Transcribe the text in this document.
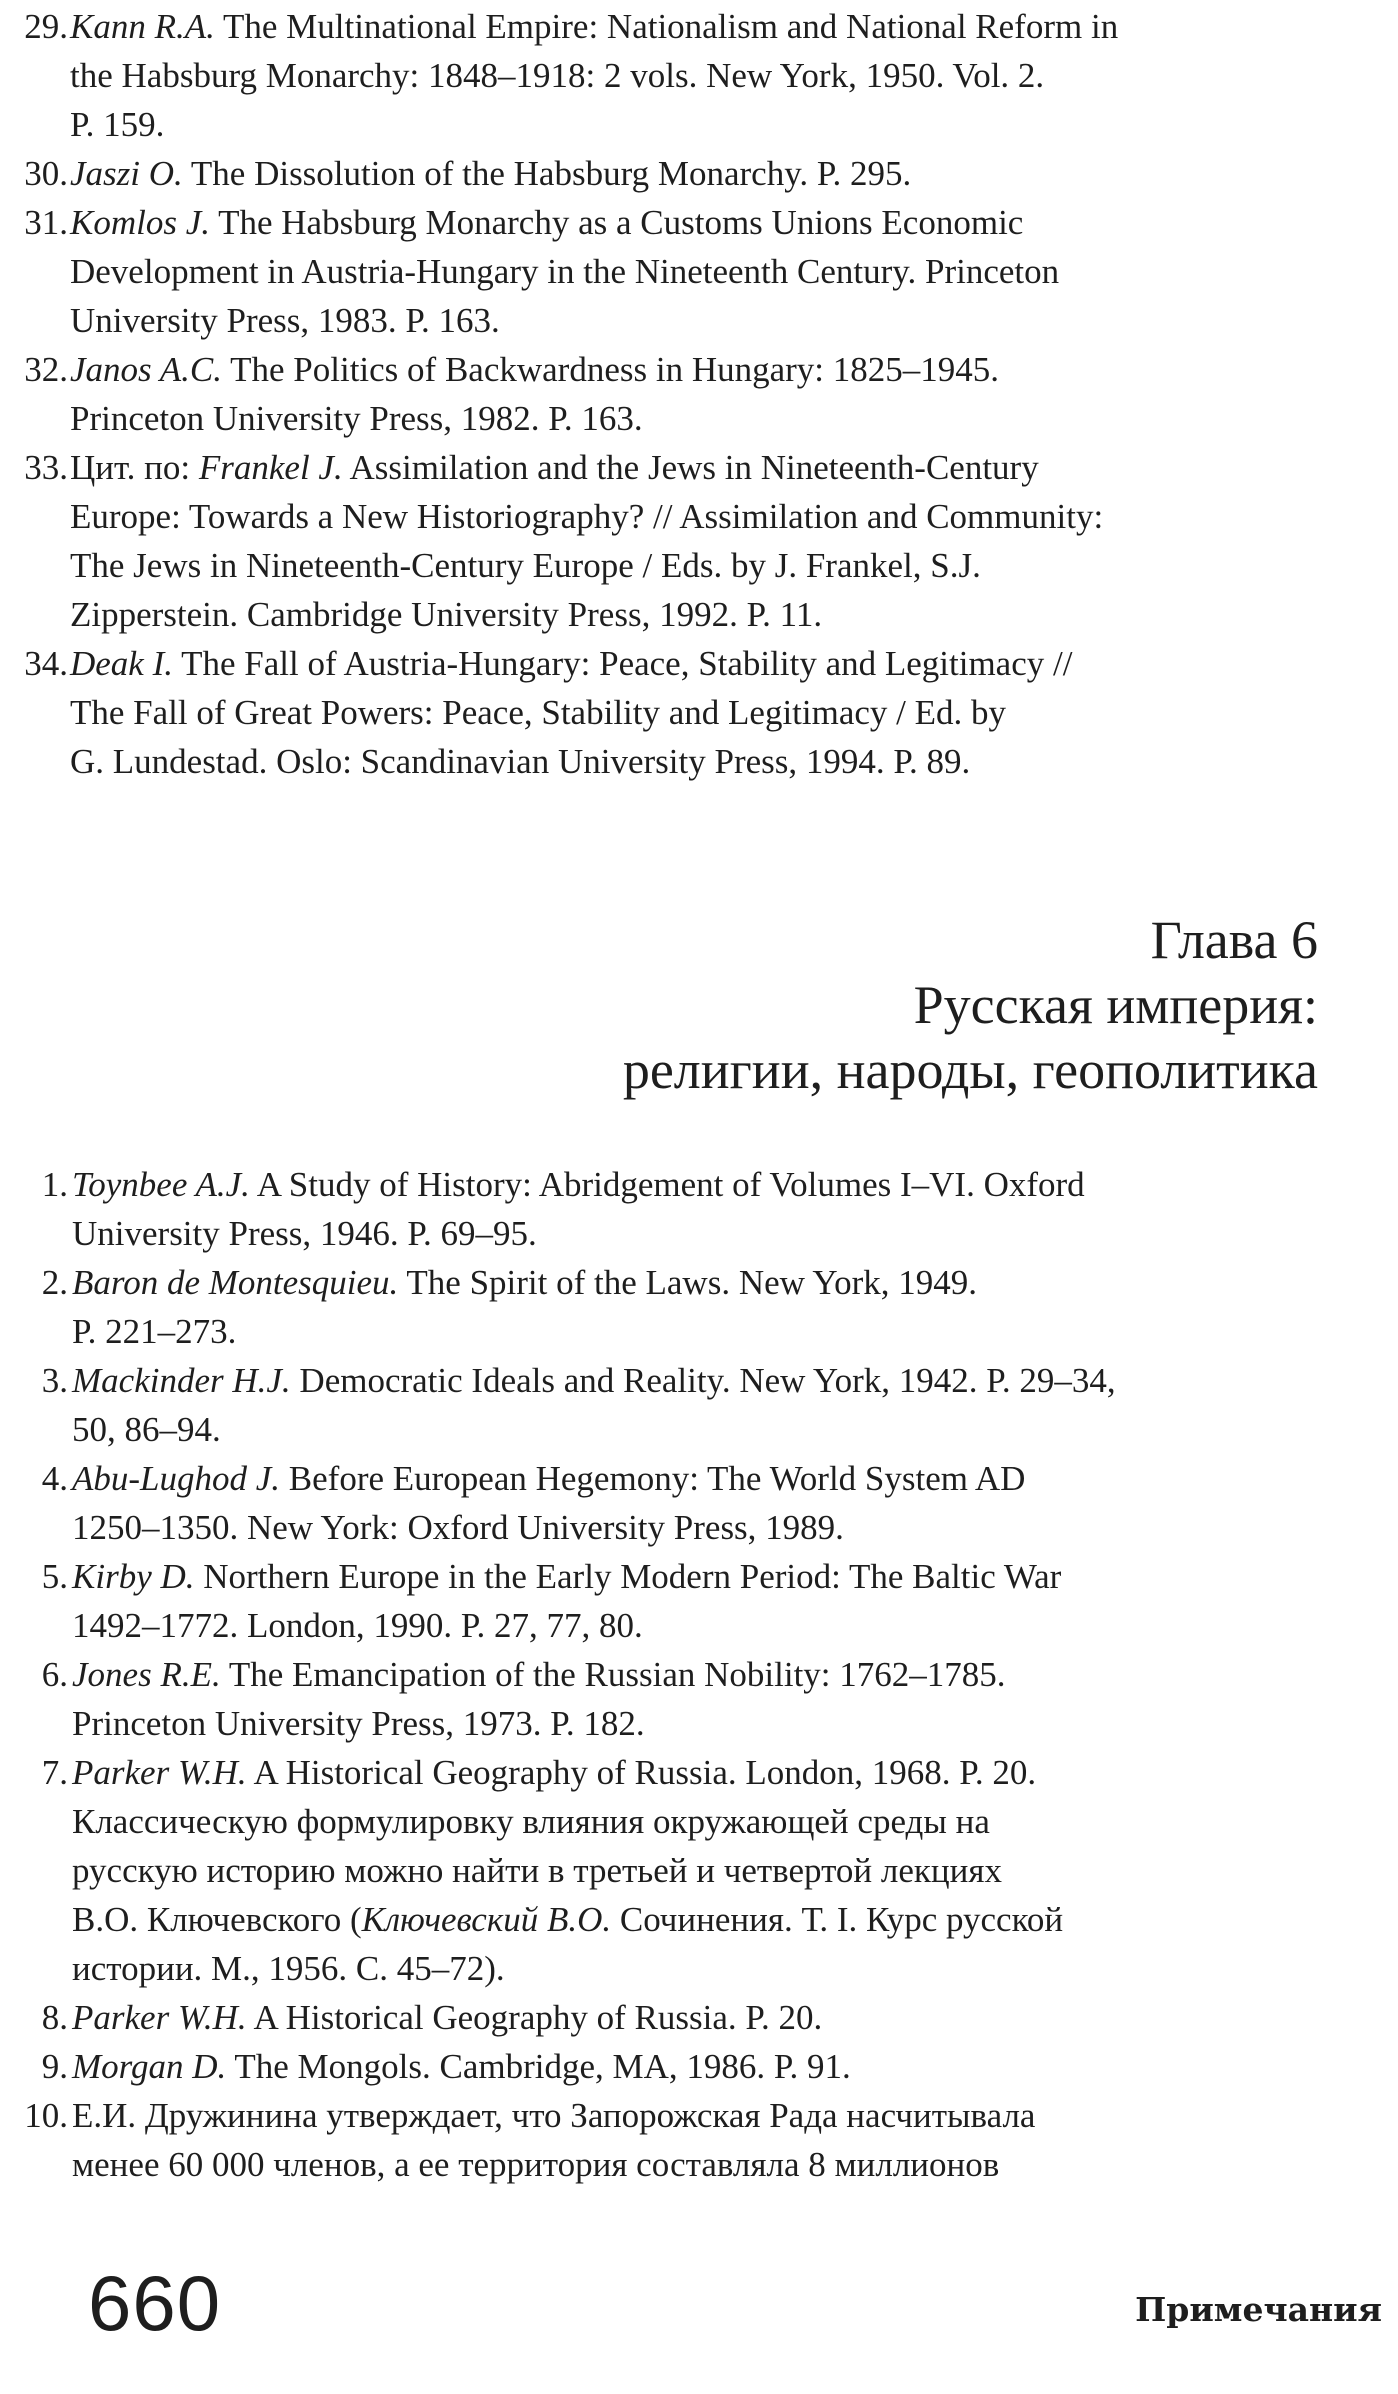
29. Kann R.A. The Multinational Empire: Nationalism and National Reform in
the Habsburg Monarchy: 1848–1918: 2 vols. New York, 1950. Vol. 2.
P. 159.
30. Jaszi O. The Dissolution of the Habsburg Monarchy. P. 295.
31. Komlos J. The Habsburg Monarchy as a Customs Unions Economic
Development in Austria-Hungary in the Nineteenth Century. Princeton
University Press, 1983. P. 163.
32. Janos A.C. The Politics of Backwardness in Hungary: 1825–1945.
Princeton University Press, 1982. P. 163.
33. Цит. по: Frankel J. Assimilation and the Jews in Nineteenth-Century
Europe: Towards a New Historiography? // Assimilation and Community:
The Jews in Nineteenth-Century Europe / Eds. by J. Frankel, S.J.
Zipperstein. Cambridge University Press, 1992. P. 11.
34. Deak I. The Fall of Austria-Hungary: Peace, Stability and Legitimacy //
The Fall of Great Powers: Peace, Stability and Legitimacy / Ed. by
G. Lundestad. Oslo: Scandinavian University Press, 1994. P. 89.
Глава 6
Русская империя:
религии, народы, геополитика
1. Toynbee A.J. A Study of History: Abridgement of Volumes I–VI. Oxford
University Press, 1946. P. 69–95.
2. Baron de Montesquieu. The Spirit of the Laws. New York, 1949.
P. 221–273.
3. Mackinder H.J. Democratic Ideals and Reality. New York, 1942. P. 29–34,
50, 86–94.
4. Abu-Lughod J. Before European Hegemony: The World System AD
1250–1350. New York: Oxford University Press, 1989.
5. Kirby D. Northern Europe in the Early Modern Period: The Baltic War
1492–1772. London, 1990. P. 27, 77, 80.
6. Jones R.E. The Emancipation of the Russian Nobility: 1762–1785.
Princeton University Press, 1973. P. 182.
7. Parker W.H. A Historical Geography of Russia. London, 1968. P. 20.
Классическую формулировку влияния окружающей среды на
русскую историю можно найти в третьей и четвертой лекциях
В.О. Ключевского (Ключевский В.О. Сочинения. Т. I. Курс русской
истории. М., 1956. С. 45–72).
8. Parker W.H. A Historical Geography of Russia. P. 20.
9. Morgan D. The Mongols. Cambridge, MA, 1986. P. 91.
10. Е.И. Дружинина утверждает, что Запорожская Рада насчитывала
менее 60 000 членов, а ее территория составляла 8 миллионов
660	Примечания
